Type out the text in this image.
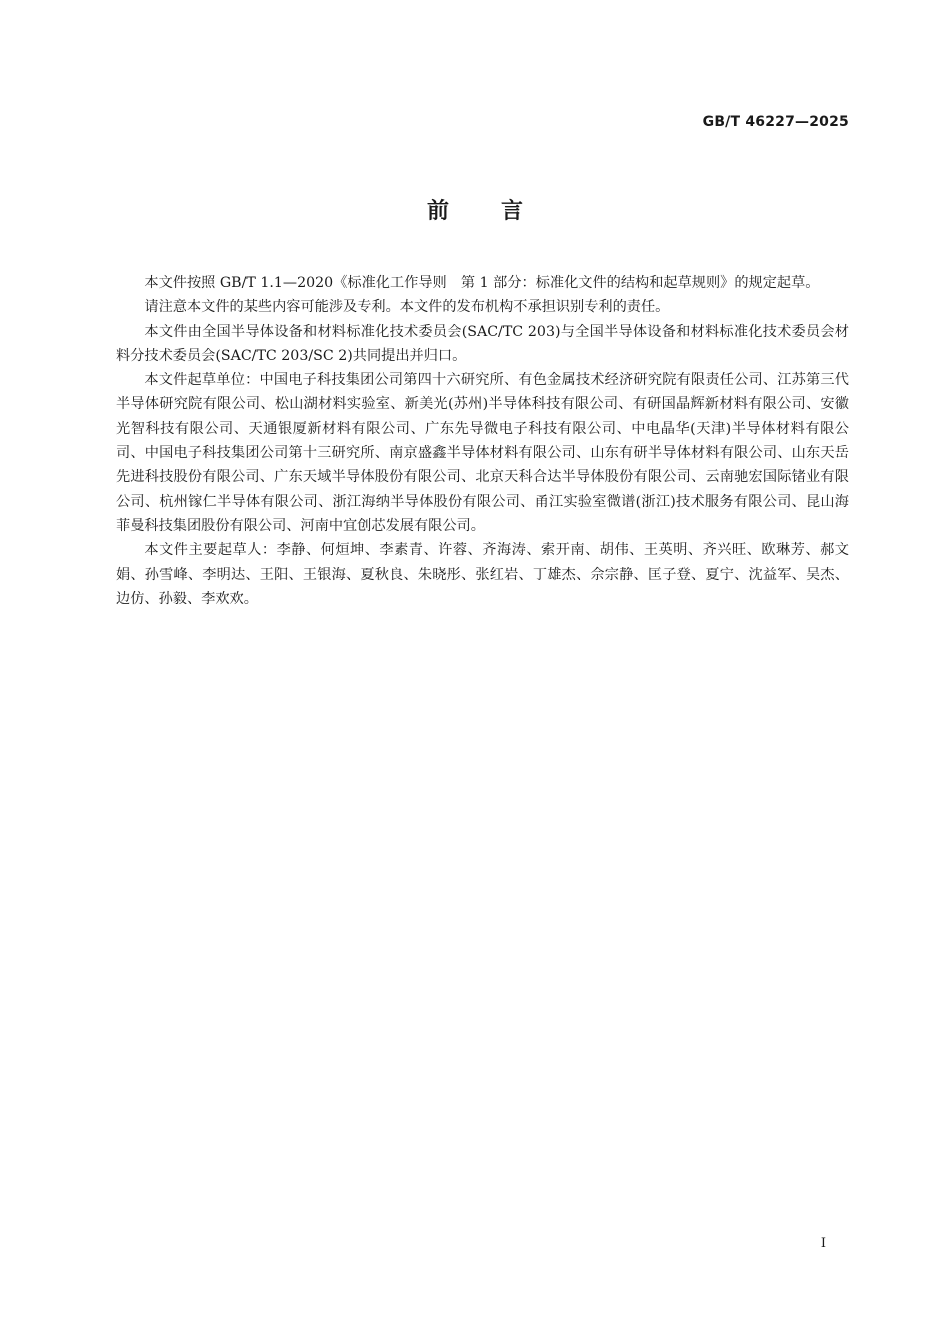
GB/T 46227—2025
前言

本文件按照 GB/T 1.1—2020《标准化工作导则　第 1 部分：标准化文件的结构和起草规则》的规定起草。

请注意本文件的某些内容可能涉及专利。本文件的发布机构不承担识别专利的责任。

本文件由全国半导体设备和材料标准化技术委员会(SAC/TC 203)与全国半导体设备和材料标准化技术委员会材料分技术委员会(SAC/TC 203/SC 2)共同提出并归口。

本文件起草单位：中国电子科技集团公司第四十六研究所、有色金属技术经济研究院有限责任公司、江苏第三代半导体研究院有限公司、松山湖材料实验室、新美光(苏州)半导体科技有限公司、有研国晶辉新材料有限公司、安徽光智科技有限公司、天通银厦新材料有限公司、广东先导微电子科技有限公司、中电晶华(天津)半导体材料有限公司、中国电子科技集团公司第十三研究所、南京盛鑫半导体材料有限公司、山东有研半导体材料有限公司、山东天岳先进科技股份有限公司、广东天域半导体股份有限公司、北京天科合达半导体股份有限公司、云南驰宏国际锗业有限公司、杭州镓仁半导体有限公司、浙江海纳半导体股份有限公司、甬江实验室微谱(浙江)技术服务有限公司、昆山海菲曼科技集团股份有限公司、河南中宜创芯发展有限公司。

本文件主要起草人：李静、何烜坤、李素青、许蓉、齐海涛、索开南、胡伟、王英明、齐兴旺、欧琳芳、郝文娟、孙雪峰、李明达、王阳、王银海、夏秋良、朱晓彤、张红岩、丁雄杰、佘宗静、匡子登、夏宁、沈益军、吴杰、边仿、孙毅、李欢欢。

I
